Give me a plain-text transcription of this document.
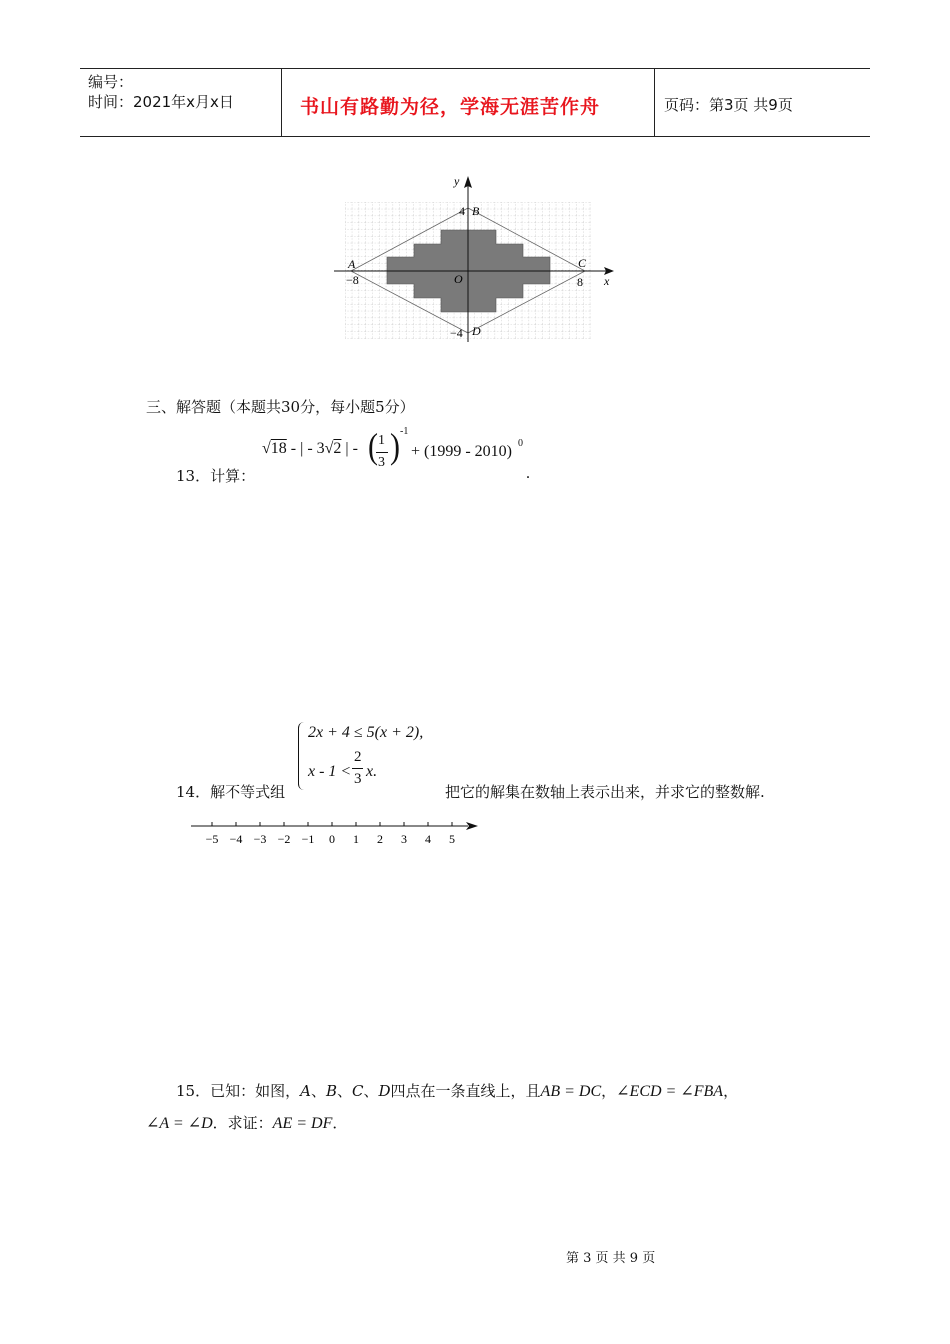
编号：
时间：2021年x月x日	书山有路勤为径，学海无涯苦作舟	页码：第3页 共9页
y
x
O
A
B
C
D
4
−4
−8	8
三、解答题（本题共30分，每小题5分）
13．计算：
√18 - | - 3√2 | - ( 1
3 ) -1
+ (1999 - 2010) 0
.
14．解不等式组
2x + 4 ≤ 5(x + 2),
x - 1 <
2
3 x.
把它的解集在数轴上表示出来，并求它的整数解.
−5 −4 −3 −2 −1 0 1 2 3 4 5
15．已知：如图，A、B、C、D四点在一条直线上，且AB = DC，∠ECD = ∠FBA，
∠A = ∠D．求证：AE = DF．
第 3 页 共 9 页
